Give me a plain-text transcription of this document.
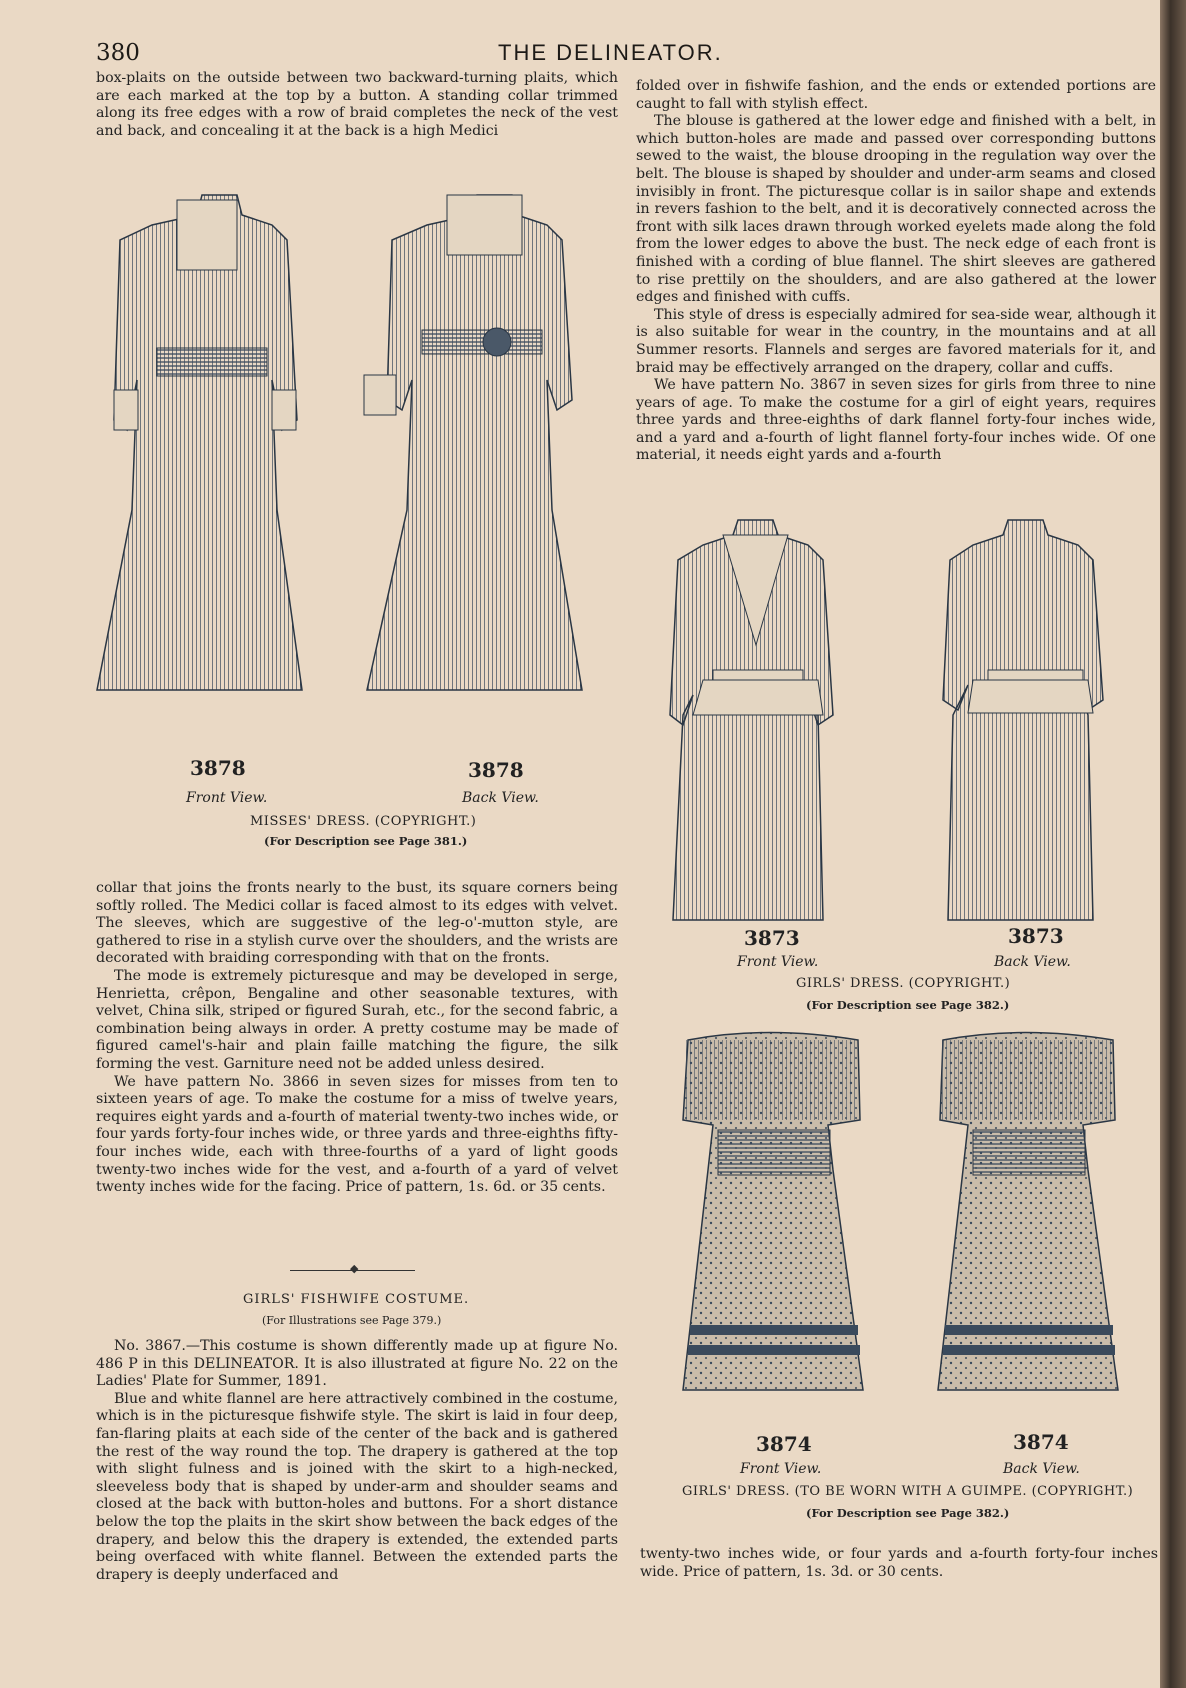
380	THE DELINEATOR.

box-plaits on the outside between two backward-turning plaits, which are each marked at the top by a button. A standing collar trimmed along its free edges with a row of braid completes the neck of the vest and back, and concealing it at the back is a high Medici

3878	3878
Front View.	Back View.
MISSES' DRESS. (COPYRIGHT.)
(For Description see Page 381.)

collar that joins the fronts nearly to the bust, its square corners being softly rolled. The Medici collar is faced almost to its edges with velvet. The sleeves, which are suggestive of the leg-o'-mutton style, are gathered to rise in a stylish curve over the shoulders, and the wrists are decorated with braiding corresponding with that on the fronts.

The mode is extremely picturesque and may be developed in serge, Henrietta, crêpon, Bengaline and other seasonable textures, with velvet, China silk, striped or figured Surah, etc., for the second fabric, a combination being always in order. A pretty costume may be made of figured camel's-hair and plain faille matching the figure, the silk forming the vest. Garniture need not be added unless desired.

We have pattern No. 3866 in seven sizes for misses from ten to sixteen years of age. To make the costume for a miss of twelve years, requires eight yards and a-fourth of material twenty-two inches wide, or four yards forty-four inches wide, or three yards and three-eighths fifty-four inches wide, each with three-fourths of a yard of light goods twenty-two inches wide for the vest, and a-fourth of a yard of velvet twenty inches wide for the facing. Price of pattern, 1s. 6d. or 35 cents.

◆
GIRLS' FISHWIFE COSTUME.
(For Illustrations see Page 379.)

No. 3867.—This costume is shown differently made up at figure No. 486 P in this DELINEATOR. It is also illustrated at figure No. 22 on the Ladies' Plate for Summer, 1891.

Blue and white flannel are here attractively combined in the costume, which is in the picturesque fishwife style. The skirt is laid in four deep, fan-flaring plaits at each side of the center of the back and is gathered the rest of the way round the top. The drapery is gathered at the top with slight fulness and is joined with the skirt to a high-necked, sleeveless body that is shaped by under-arm and shoulder seams and closed at the back with button-holes and buttons. For a short distance below the top the plaits in the skirt show between the back edges of the drapery, and below this the drapery is extended, the extended parts being overfaced with white flannel. Between the extended parts the drapery is deeply underfaced and

folded over in fishwife fashion, and the ends or extended portions are caught to fall with stylish effect.

The blouse is gathered at the lower edge and finished with a belt, in which button-holes are made and passed over corresponding buttons sewed to the waist, the blouse drooping in the regulation way over the belt. The blouse is shaped by shoulder and under-arm seams and closed invisibly in front. The picturesque collar is in sailor shape and extends in revers fashion to the belt, and it is decoratively connected across the front with silk laces drawn through worked eyelets made along the fold from the lower edges to above the bust. The neck edge of each front is finished with a cording of blue flannel. The shirt sleeves are gathered to rise prettily on the shoulders, and are also gathered at the lower edges and finished with cuffs.

This style of dress is especially admired for sea-side wear, although it is also suitable for wear in the country, in the mountains and at all Summer resorts. Flannels and serges are favored materials for it, and braid may be effectively arranged on the drapery, collar and cuffs.

We have pattern No. 3867 in seven sizes for girls from three to nine years of age. To make the costume for a girl of eight years, requires three yards and three-eighths of dark flannel forty-four inches wide, and a yard and a-fourth of light flannel forty-four inches wide. Of one material, it needs eight yards and a-fourth

3873	3873
Front View.	Back View.
GIRLS' DRESS. (COPYRIGHT.)
(For Description see Page 382.)
3874	3874
Front View.	Back View.
GIRLS' DRESS. (TO BE WORN WITH A GUIMPE. (COPYRIGHT.)
(For Description see Page 382.)

twenty-two inches wide, or four yards and a-fourth forty-four inches wide. Price of pattern, 1s. 3d. or 30 cents.
